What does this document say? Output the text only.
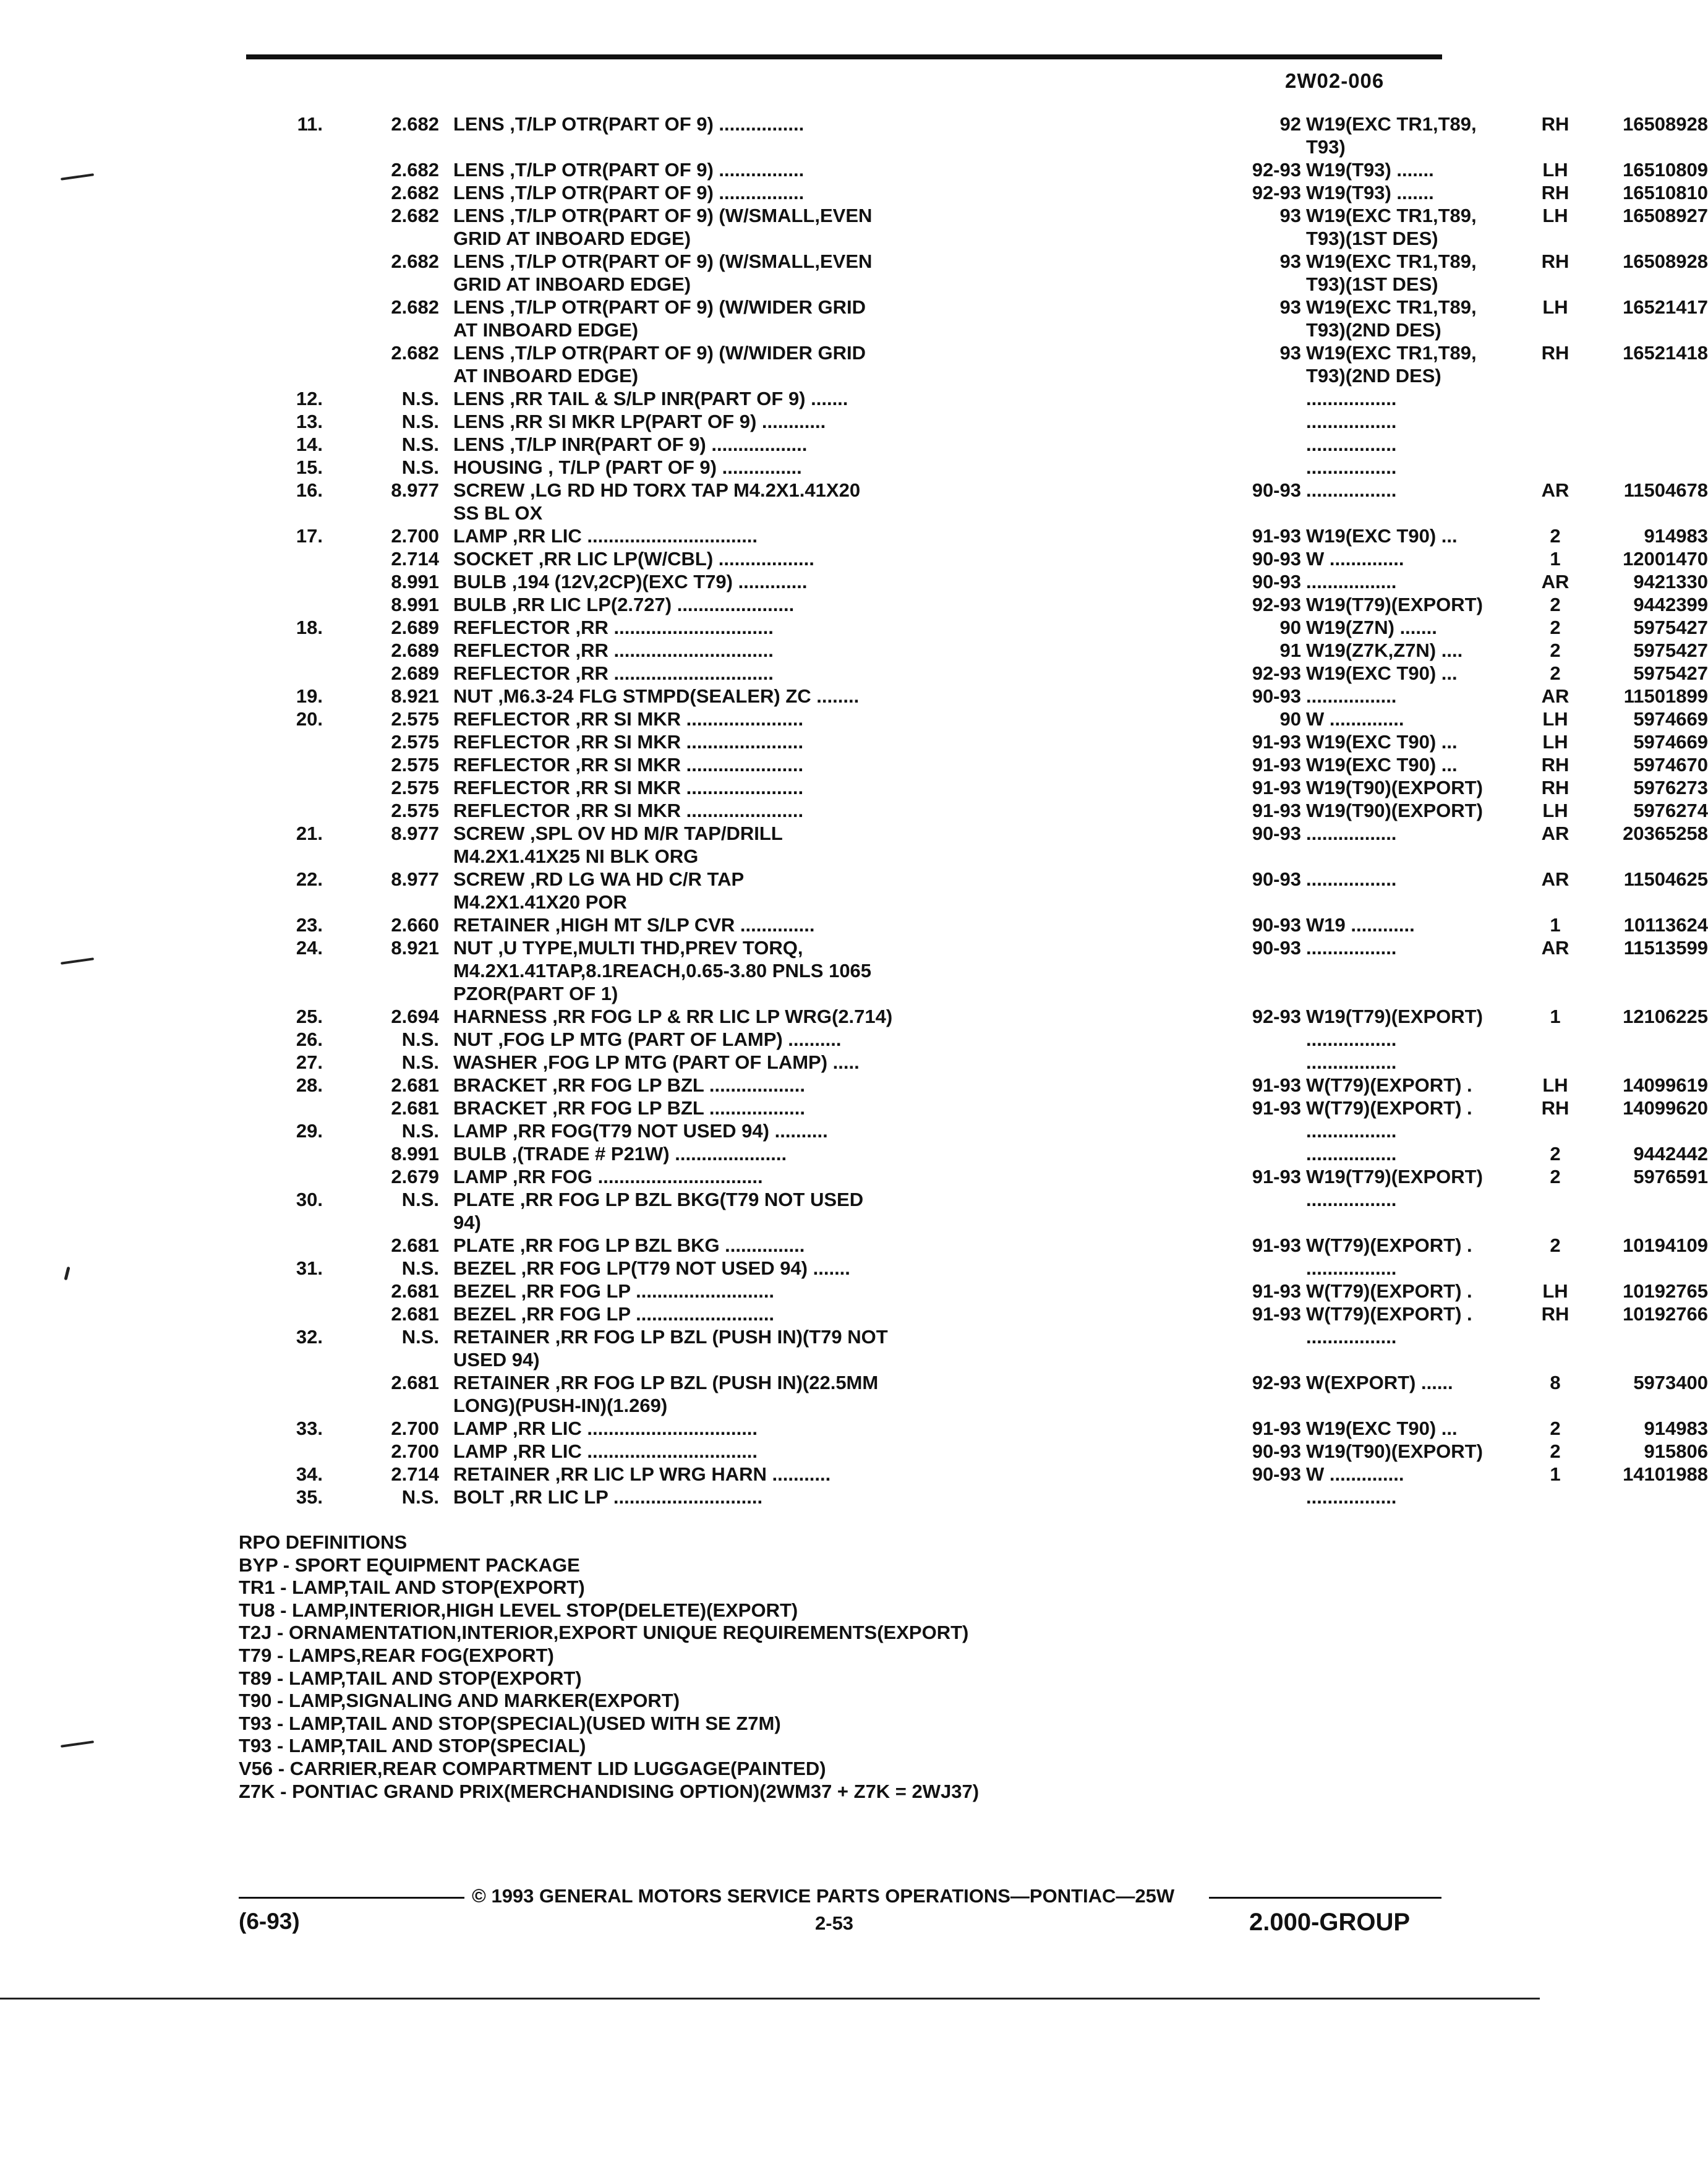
2W02-006
11.	2.682 LENS ,T/LP OTR(PART OF 9) ................	92 W19(EXC TR1,T89,	RH	16508928
T93)
2.682 LENS ,T/LP OTR(PART OF 9) ................	92-93 W19(T93) .......	LH	16510809
2.682 LENS ,T/LP OTR(PART OF 9) ................	92-93 W19(T93) .......	RH	16510810
2.682 LENS ,T/LP OTR(PART OF 9) (W/SMALL,EVEN	93 W19(EXC TR1,T89,	LH	16508927
GRID AT INBOARD EDGE)	T93)(1ST DES)
2.682 LENS ,T/LP OTR(PART OF 9) (W/SMALL,EVEN	93 W19(EXC TR1,T89,	RH	16508928
GRID AT INBOARD EDGE)	T93)(1ST DES)
2.682 LENS ,T/LP OTR(PART OF 9) (W/WIDER GRID	93 W19(EXC TR1,T89,	LH	16521417
AT INBOARD EDGE)	T93)(2ND DES)
2.682 LENS ,T/LP OTR(PART OF 9) (W/WIDER GRID	93 W19(EXC TR1,T89,	RH	16521418
AT INBOARD EDGE)	T93)(2ND DES)
12.	N.S. LENS ,RR TAIL & S/LP INR(PART OF 9) .......	.................
13.	N.S. LENS ,RR SI MKR LP(PART OF 9) ............	.................
14.	N.S. LENS ,T/LP INR(PART OF 9) ..................	.................
15.	N.S. HOUSING , T/LP (PART OF 9) ...............	.................
16.	8.977 SCREW ,LG RD HD TORX TAP M4.2X1.41X20	90-93 .................	AR	11504678
SS BL OX
17.	2.700 LAMP ,RR LIC ................................	91-93 W19(EXC T90) ...	2	914983
2.714 SOCKET ,RR LIC LP(W/CBL) ..................	90-93 W ..............	1	12001470
8.991 BULB ,194 (12V,2CP)(EXC T79) .............	90-93 .................	AR	9421330
8.991 BULB ,RR LIC LP(2.727) ......................	92-93 W19(T79)(EXPORT)	2	9442399
18.	2.689 REFLECTOR ,RR ..............................	90 W19(Z7N) .......	2	5975427
2.689 REFLECTOR ,RR ..............................	91 W19(Z7K,Z7N) ....	2	5975427
2.689 REFLECTOR ,RR ..............................	92-93 W19(EXC T90) ...	2	5975427
19.	8.921 NUT ,M6.3-24 FLG STMPD(SEALER) ZC ........	90-93 .................	AR	11501899
20.	2.575 REFLECTOR ,RR SI MKR ......................	90 W ..............	LH	5974669
2.575 REFLECTOR ,RR SI MKR ......................	91-93 W19(EXC T90) ...	LH	5974669
2.575 REFLECTOR ,RR SI MKR ......................	91-93 W19(EXC T90) ...	RH	5974670
2.575 REFLECTOR ,RR SI MKR ......................	91-93 W19(T90)(EXPORT)	RH	5976273
2.575 REFLECTOR ,RR SI MKR ......................	91-93 W19(T90)(EXPORT)	LH	5976274
21.	8.977 SCREW ,SPL OV HD M/R TAP/DRILL	90-93 .................	AR	20365258
M4.2X1.41X25 NI BLK ORG
22.	8.977 SCREW ,RD LG WA HD C/R TAP	90-93 .................	AR	11504625
M4.2X1.41X20 POR
23.	2.660 RETAINER ,HIGH MT S/LP CVR ..............	90-93 W19 ............	1	10113624
24.	8.921 NUT ,U TYPE,MULTI THD,PREV TORQ,	90-93 .................	AR	11513599
M4.2X1.41TAP,8.1REACH,0.65-3.80 PNLS 1065
PZOR(PART OF 1)
25.	2.694 HARNESS ,RR FOG LP & RR LIC LP WRG(2.714)	92-93 W19(T79)(EXPORT)	1	12106225
26.	N.S. NUT ,FOG LP MTG (PART OF LAMP) ..........	.................
27.	N.S. WASHER ,FOG LP MTG (PART OF LAMP) .....	.................
28.	2.681 BRACKET ,RR FOG LP BZL ..................	91-93 W(T79)(EXPORT) .	LH	14099619
2.681 BRACKET ,RR FOG LP BZL ..................	91-93 W(T79)(EXPORT) .	RH	14099620
29.	N.S. LAMP ,RR FOG(T79 NOT USED 94) ..........	.................
8.991 BULB ,(TRADE # P21W) .....................	.................	2	9442442
2.679 LAMP ,RR FOG ...............................	91-93 W19(T79)(EXPORT)	2	5976591
30.	N.S. PLATE ,RR FOG LP BZL BKG(T79 NOT USED	.................
94)
2.681 PLATE ,RR FOG LP BZL BKG ...............	91-93 W(T79)(EXPORT) .	2	10194109
31.	N.S. BEZEL ,RR FOG LP(T79 NOT USED 94) .......	.................
2.681 BEZEL ,RR FOG LP ..........................	91-93 W(T79)(EXPORT) .	LH	10192765
2.681 BEZEL ,RR FOG LP ..........................	91-93 W(T79)(EXPORT) .	RH	10192766
32.	N.S. RETAINER ,RR FOG LP BZL (PUSH IN)(T79 NOT	.................
USED 94)
2.681 RETAINER ,RR FOG LP BZL (PUSH IN)(22.5MM	92-93 W(EXPORT) ......	8	5973400
LONG)(PUSH-IN)(1.269)
33.	2.700 LAMP ,RR LIC ................................	91-93 W19(EXC T90) ...	2	914983
2.700 LAMP ,RR LIC ................................	90-93 W19(T90)(EXPORT)	2	915806
34.	2.714 RETAINER ,RR LIC LP WRG HARN ...........	90-93 W ..............	1	14101988
35.	N.S. BOLT ,RR LIC LP ............................	.................
RPO DEFINITIONS
BYP - SPORT EQUIPMENT PACKAGE
TR1 - LAMP,TAIL AND STOP(EXPORT)
TU8 - LAMP,INTERIOR,HIGH LEVEL STOP(DELETE)(EXPORT)
T2J - ORNAMENTATION,INTERIOR,EXPORT UNIQUE REQUIREMENTS(EXPORT)
T79 - LAMPS,REAR FOG(EXPORT)
T89 - LAMP,TAIL AND STOP(EXPORT)
T90 - LAMP,SIGNALING AND MARKER(EXPORT)
T93 - LAMP,TAIL AND STOP(SPECIAL)(USED WITH SE Z7M)
T93 - LAMP,TAIL AND STOP(SPECIAL)
V56 - CARRIER,REAR COMPARTMENT LID LUGGAGE(PAINTED)
Z7K - PONTIAC GRAND PRIX(MERCHANDISING OPTION)(2WM37 + Z7K = 2WJ37)
© 1993 GENERAL MOTORS SERVICE PARTS OPERATIONS—PONTIAC—25W
(6-93)	2-53	2.000-GROUP
